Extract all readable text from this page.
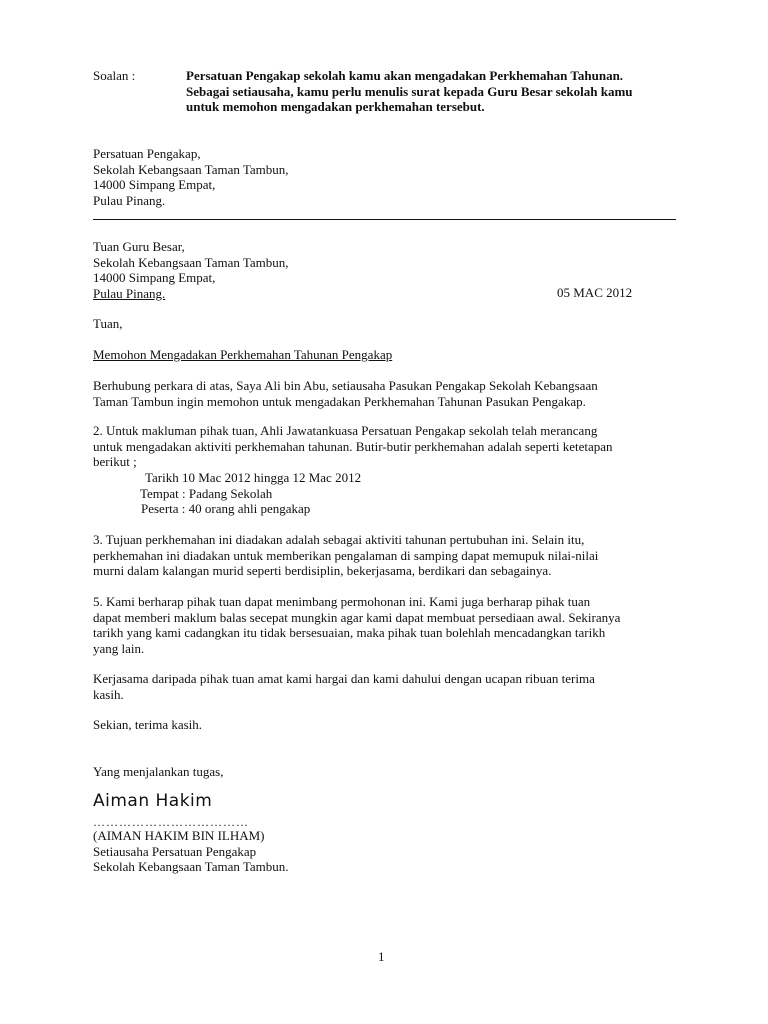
Soalan :	Persatuan Pengakap sekolah kamu akan mengadakan Perkhemahan Tahunan.
Sebagai setiausaha, kamu perlu menulis surat kepada Guru Besar sekolah kamu
untuk memohon mengadakan perkhemahan tersebut.
Persatuan Pengakap,
Sekolah Kebangsaan Taman Tambun,
14000 Simpang Empat,
Pulau Pinang.
Tuan Guru Besar,
Sekolah Kebangsaan Taman Tambun,
14000 Simpang Empat,
Pulau Pinang.	05 MAC 2012
Tuan,
Memohon Mengadakan Perkhemahan Tahunan Pengakap
Berhubung perkara di atas, Saya Ali bin Abu, setiausaha Pasukan Pengakap Sekolah Kebangsaan
Taman Tambun ingin memohon untuk mengadakan Perkhemahan Tahunan Pasukan Pengakap.
2. Untuk makluman pihak tuan, Ahli Jawatankuasa Persatuan Pengakap sekolah telah merancang
untuk mengadakan aktiviti perkhemahan tahunan. Butir-butir perkhemahan adalah seperti ketetapan
berikut ;
Tarikh 10 Mac 2012 hingga 12 Mac 2012
Tempat : Padang Sekolah
Peserta : 40 orang ahli pengakap
3. Tujuan perkhemahan ini diadakan adalah sebagai aktiviti tahunan pertubuhan ini. Selain itu,
perkhemahan ini diadakan untuk memberikan pengalaman di samping dapat memupuk nilai-nilai
murni dalam kalangan murid seperti berdisiplin, bekerjasama, berdikari dan sebagainya.
5. Kami berharap pihak tuan dapat menimbang permohonan ini. Kami juga berharap pihak tuan
dapat memberi maklum balas secepat mungkin agar kami dapat membuat persediaan awal. Sekiranya
tarikh yang kami cadangkan itu tidak bersesuaian, maka pihak tuan bolehlah mencadangkan tarikh
yang lain.
Kerjasama daripada pihak tuan amat kami hargai dan kami dahului dengan ucapan ribuan terima
kasih.
Sekian, terima kasih.
Yang menjalankan tugas,
Aiman Hakim
………………………………
(AIMAN HAKIM BIN ILHAM)
Setiausaha Persatuan Pengakap
Sekolah Kebangsaan Taman Tambun.
1
